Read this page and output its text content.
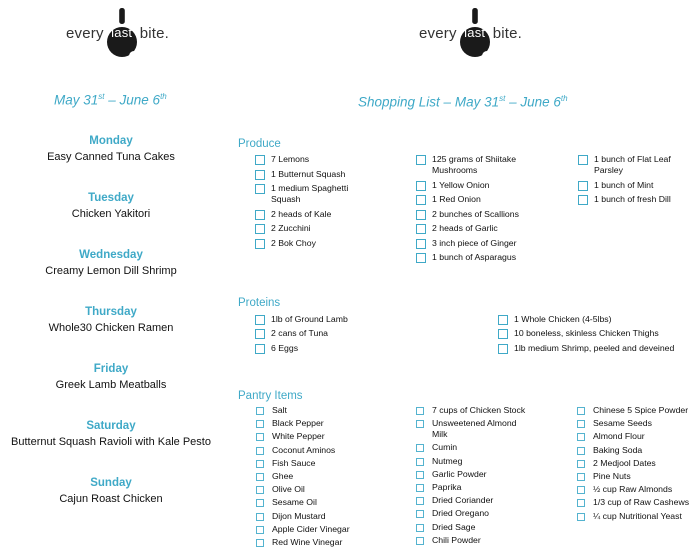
every last bite.	every last bite.
May 31st – June 6th	Shopping List – May 31st – June 6th
Monday
Easy Canned Tuna Cakes
Tuesday
Chicken Yakitori
Wednesday
Creamy Lemon Dill Shrimp
Thursday
Whole30 Chicken Ramen
Friday
Greek Lamb Meatballs
Saturday
Butternut Squash Ravioli with Kale Pesto
Sunday
Cajun Roast Chicken
Produce
7 Lemons
1 Butternut Squash
1 medium Spaghetti Squash
2 heads of Kale
2 Zucchini
2 Bok Choy
125 grams of Shiitake Mushrooms
1 Yellow Onion
1 Red Onion
2 bunches of Scallions
2 heads of Garlic
3 inch piece of Ginger
1 bunch of Asparagus
1 bunch of Flat Leaf Parsley
1 bunch of Mint
1 bunch of fresh Dill
Proteins
1lb of Ground Lamb
2 cans of Tuna
6 Eggs
1 Whole Chicken (4-5lbs)
10 boneless, skinless Chicken Thighs
1lb medium Shrimp, peeled and deveined
Pantry Items
Salt
Black Pepper
White Pepper
Coconut Aminos
Fish Sauce
Ghee
Olive Oil
Sesame Oil
Dijon Mustard
Apple Cider Vinegar
Red Wine Vinegar
7 cups of Chicken Stock
Unsweetened Almond Milk
Cumin
Nutmeg
Garlic Powder
Paprika
Dried Coriander
Dried Oregano
Dried Sage
Chili Powder
Chinese 5 Spice Powder
Sesame Seeds
Almond Flour
Baking Soda
2 Medjool Dates
Pine Nuts
½ cup Raw Almonds
1/3 cup of Raw Cashews
¼ cup Nutritional Yeast
